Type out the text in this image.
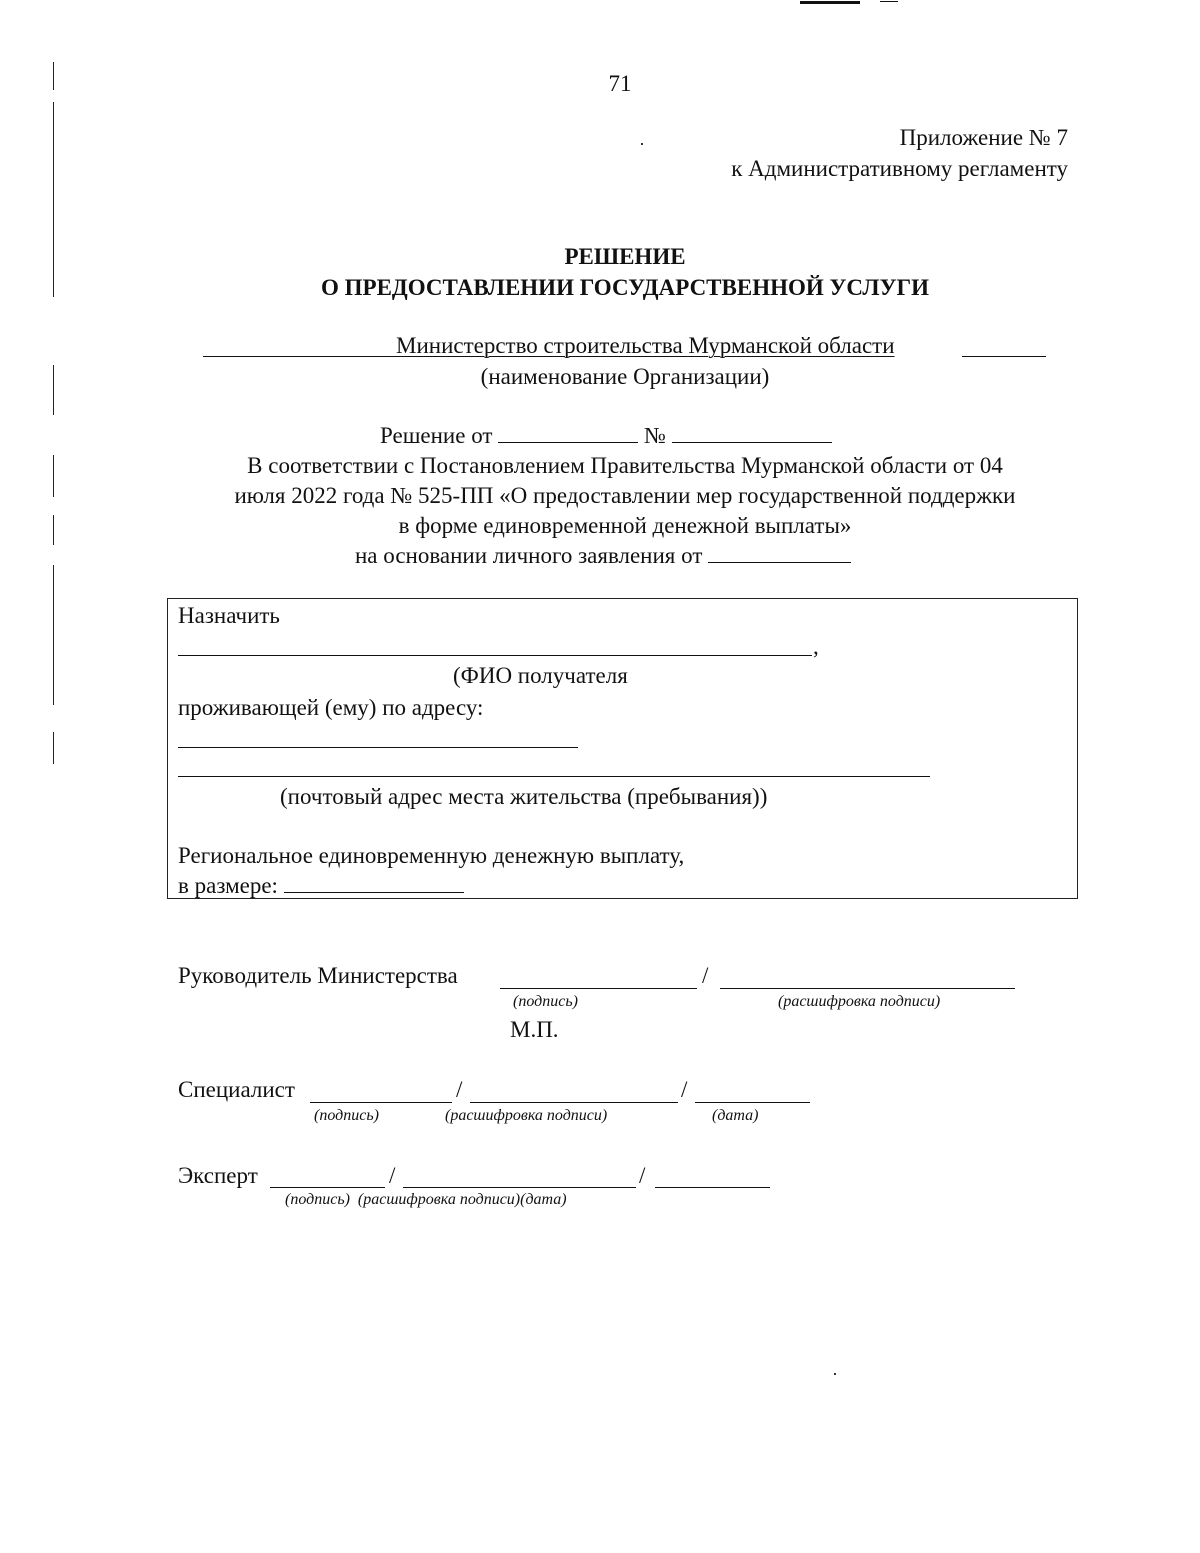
71
Приложение № 7
к Административному регламенту
РЕШЕНИЕ
О ПРЕДОСТАВЛЕНИИ ГОСУДАРСТВЕННОЙ УСЛУГИ
Министерство строительства Мурманской области
(наименование Организации)
Решение от	№
В соответствии с Постановлением Правительства Мурманской области от 04
июля 2022 года № 525-ПП «О предоставлении мер государственной поддержки
в форме единовременной денежной выплаты»
на основании личного заявления от
Назначить
,
(ФИО получателя
проживающей (ему) по адресу:
(почтовый адрес места жительства (пребывания))
Региональное единовременную денежную выплату,
в размере:
Руководитель Министерства	/
(подпись)	(расшифровка подписи)
М.П.
Специалист	/	/
(подпись)	(расшифровка подписи)	(дата)
Эксперт	/	/
(подпись)  (расшифровка подписи)(дата)
